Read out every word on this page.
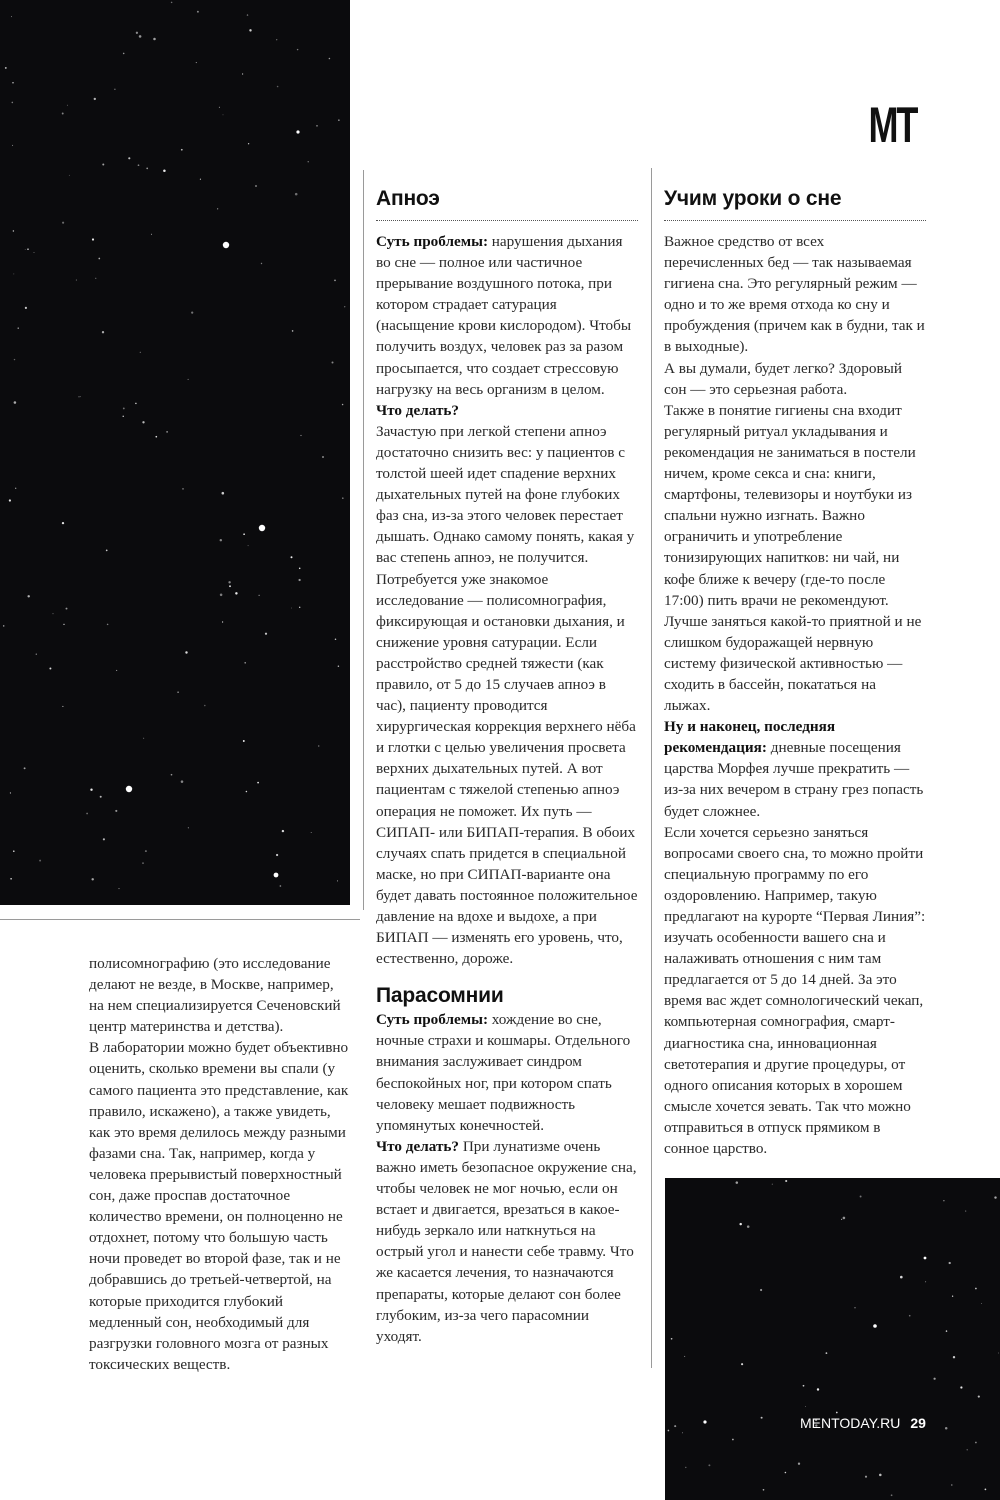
MT

полисомнографию (это исследование делают не везде, в Москве, например, на нем специализируется Сеченовский центр материнства и детства).

В лаборатории можно будет объективно оценить, сколько времени вы спали (у самого пациента это представление, как правило, искажено), а также увидеть, как это время делилось между разными фазами сна. Так, например, когда у человека прерывистый поверхностный сон, даже проспав достаточное количество времени, он полноценно не отдохнет, потому что большую часть ночи проведет во второй фазе, так и не добравшись до третьей-четвертой, на которые приходится глубокий медленный сон, необходимый для разгрузки головного мозга от разных токсических веществ.

Апноэ

Суть проблемы: нарушения дыхания во сне — полное или частичное прерывание воздушного потока, при котором страдает сатурация (насыщение крови кислородом). Чтобы получить воздух, человек раз за разом просыпается, что создает стрессовую нагрузку на весь организм в целом.

Что делать?

Зачастую при легкой степени апноэ достаточно снизить вес: у пациентов с толстой шеей идет спадение верхних дыхательных путей на фоне глубоких фаз сна, из-за этого человек перестает дышать. Однако самому понять, какая у вас степень апноэ, не получится. Потребуется уже знакомое исследование — полисомнография, фиксирующая и остановки дыхания, и снижение уровня сатурации. Если расстройство средней тяжести (как правило, от 5 до 15 случаев апноэ в час), пациенту проводится хирургическая коррекция верхнего нёба и глотки с целью увеличения просвета верхних дыхательных путей. А вот пациентам с тяжелой степенью апноэ операция не поможет. Их путь — СИПАП- или БИПАП-терапия. В обоих случаях спать придется в специальной маске, но при СИПАП-варианте она будет давать постоянное положительное давление на вдохе и выдохе, а при БИПАП — изменять его уровень, что, естественно, дороже.

Парасомнии

Суть проблемы: хождение во сне, ночные страхи и кошмары. Отдельного внимания заслуживает синдром беспокойных ног, при котором спать человеку мешает подвижность упомянутых конечностей.

Что делать? При лунатизме очень важно иметь безопасное окружение сна, чтобы человек не мог ночью, если он встает и двигается, врезаться в какое-нибудь зеркало или наткнуться на острый угол и нанести себе травму. Что же касается лечения, то назначаются препараты, которые делают сон более глубоким, из-за чего парасомнии уходят.

Учим уроки о сне

Важное средство от всех перечисленных бед — так называемая гигиена сна. Это регулярный режим — одно и то же время отхода ко сну и пробуждения (причем как в будни, так и в выходные).

А вы думали, будет легко? Здоровый сон — это серьезная работа.

Также в понятие гигиены сна входит регулярный ритуал укладывания и рекомендация не заниматься в постели ничем, кроме секса и сна: книги, смартфоны, телевизоры и ноутбуки из спальни нужно изгнать. Важно ограничить и употребление тонизирующих напитков: ни чай, ни кофе ближе к вечеру (где-то после 17:00) пить врачи не рекомендуют. Лучше заняться какой-то приятной и не слишком будоражащей нервную систему физической активностью — сходить в бассейн, покататься на лыжах.

Ну и наконец, последняя рекомендация: дневные посещения царства Морфея лучше прекратить — из-за них вечером в страну грез попасть будет сложнее.

Если хочется серьезно заняться вопросами своего сна, то можно пройти специальную программу по его оздоровлению. Например, такую предлагают на курорте “Первая Линия”: изучать особенности вашего сна и налаживать отношения с ним там предлагается от 5 до 14 дней. За это время вас ждет сомнологический чекап, компьютерная сомнография, смарт-диагностика сна, инновационная светотерапия и другие процедуры, от одного описания которых в хорошем смысле хочется зевать. Так что можно отправиться в отпуск прямиком в сонное царство.

MENTODAY.RU 29
